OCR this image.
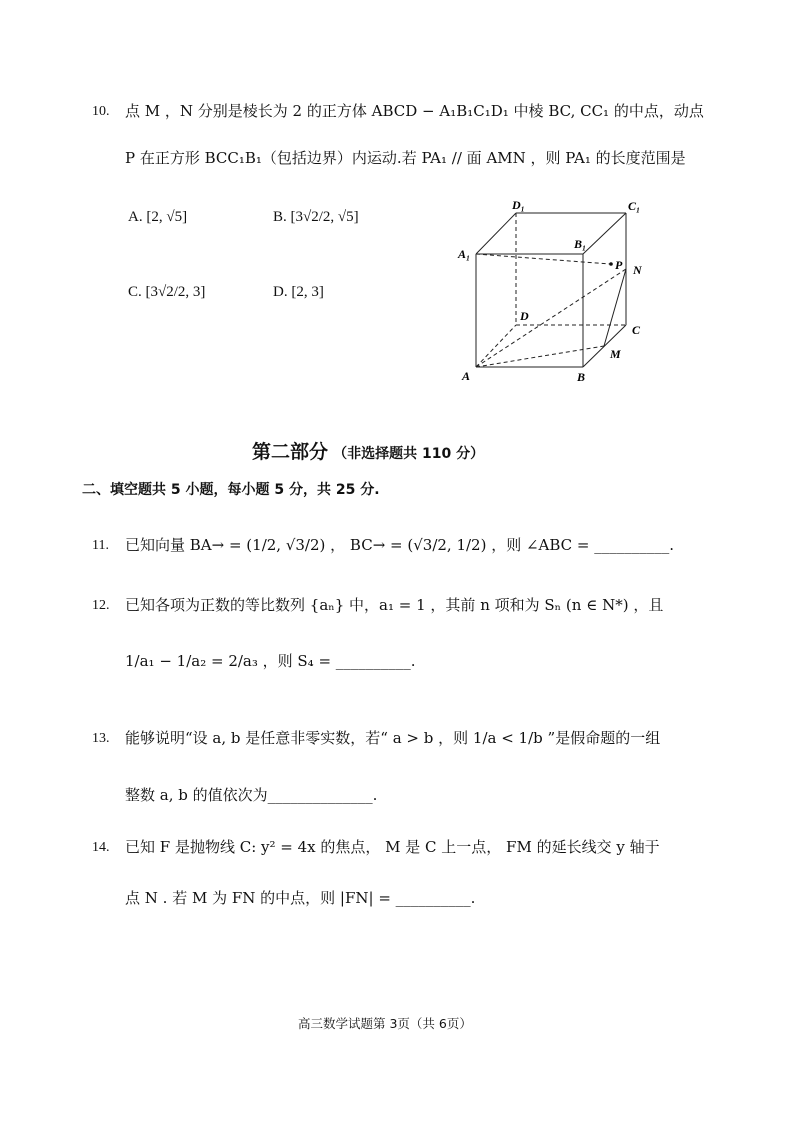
10. 点 M ，N 分别是棱长为 2 的正方体 ABCD − A₁B₁C₁D₁ 中棱 BC, CC₁ 的中点，动点
P 在正方形 BCC₁B₁（包括边界）内运动.若 PA₁ // 面 AMN ，则 PA₁ 的长度范围是
A. [2, √5]	B. [3√2/2, √5]
C. [3√2/2, 3]	D. [2, 3]
A₁
D₁	C₁
B₁
P N
D
C
M
A	B
第二部分 （非选择题共 110 分）
二、填空题共 5 小题，每小题 5 分，共 25 分.
11. 已知向量 BA→ = (1/2, √3/2) ， BC→ = (√3/2, 1/2) ，则 ∠ABC = __________.
12. 已知各项为正数的等比数列 {aₙ} 中，a₁ = 1 ，其前 n 项和为 Sₙ (n ∈ N*) ，且
1/a₁ − 1/a₂ = 2/a₃ ，则 S₄ = __________.
13. 能够说明“设 a, b 是任意非零实数，若“ a > b ，则 1/a < 1/b ”是假命题的一组
整数 a, b 的值依次为______________.
14. 已知 F 是抛物线 C: y² = 4x 的焦点， M 是 C 上一点， FM 的延长线交 y 轴于
点 N . 若 M 为 FN 的中点，则 |FN| = __________.
高三数学试题第 3页（共 6页）
